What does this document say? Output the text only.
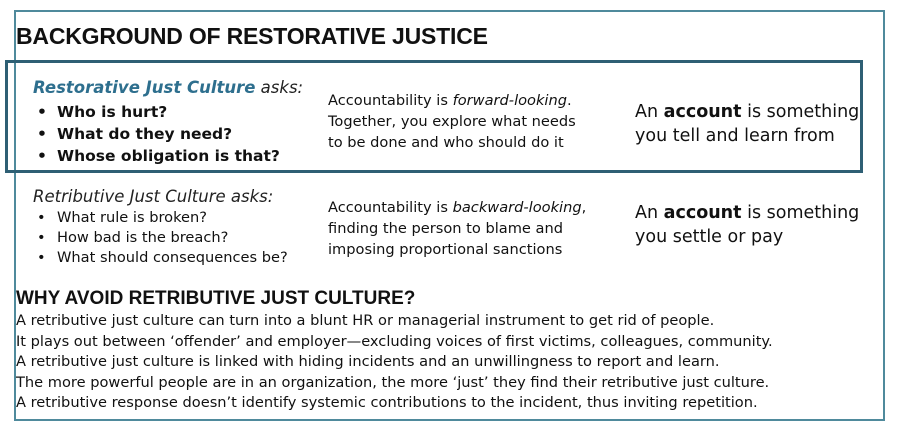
BACKGROUND OF RESTORATIVE JUSTICE
Restorative Just Culture asks:
• Who is hurt?
• What do they need?
• Whose obligation is that?
Accountability is forward-looking.
Together, you explore what needs
to be done and who should do it
An account is something
you tell and learn from
Retributive Just Culture asks:
• What rule is broken?
• How bad is the breach?
• What should consequences be?
Accountability is backward-looking,
finding the person to blame and
imposing proportional sanctions
An account is something
you settle or pay
WHY AVOID RETRIBUTIVE JUST CULTURE?
A retributive just culture can turn into a blunt HR or managerial instrument to get rid of people.
It plays out between ‘offender’ and employer—excluding voices of first victims, colleagues, community.
A retributive just culture is linked with hiding incidents and an unwillingness to report and learn.
The more powerful people are in an organization, the more ‘just’ they find their retributive just culture.
A retributive response doesn’t identify systemic contributions to the incident, thus inviting repetition.
